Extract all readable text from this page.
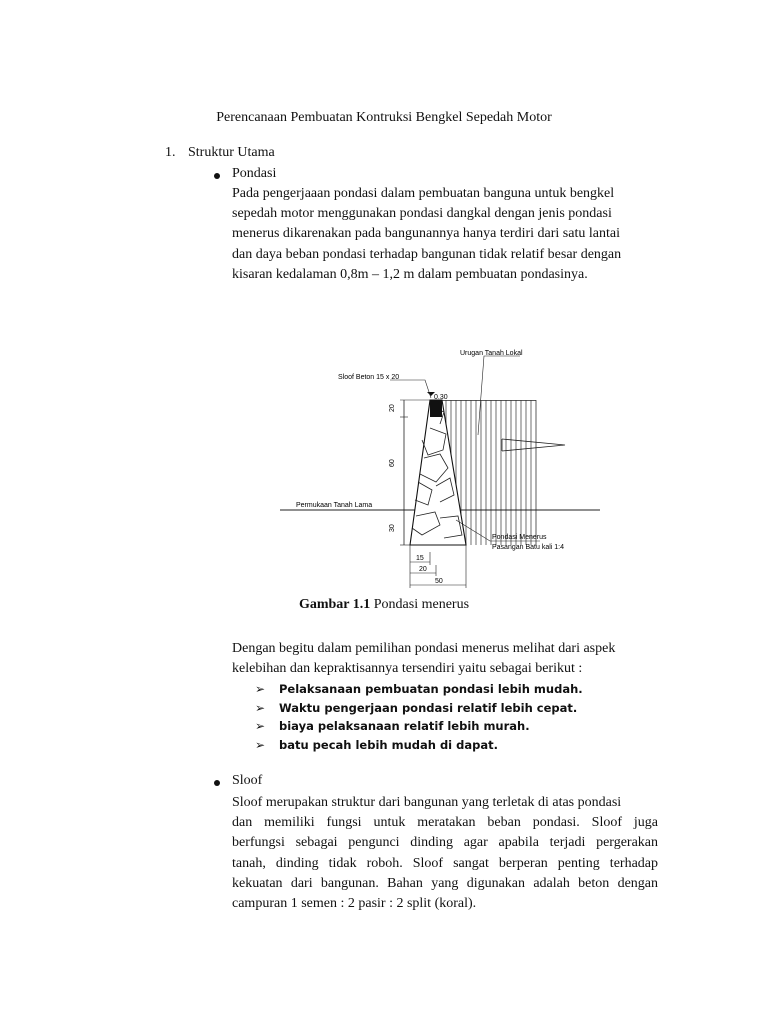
Perencanaan Pembuatan Kontruksi Bengkel Sepedah Motor
1. Struktur Utama
Pondasi
Pada pengerjaaan pondasi dalam pembuatan banguna untuk bengkel
sepedah motor menggunakan pondasi dangkal dengan jenis pondasi
menerus dikarenakan pada bangunannya hanya terdiri dari satu lantai
dan daya beban pondasi terhadap bangunan tidak relatif besar dengan
kisaran kedalaman 0,8m – 1,2 m dalam pembuatan pondasinya.
20
60
30
15
20
50
0.30
Sloof Beton 15 x 20
Urugan Tanah Lokal
Permukaan Tanah Lama
Pondasi Menerus
Pasangan Batu kali 1:4
Gambar 1.1 Pondasi menerus
Dengan begitu dalam pemilihan pondasi menerus melihat dari aspek
kelebihan dan kepraktisannya tersendiri yaitu sebagai berikut :
➢ Pelaksanaan pembuatan pondasi lebih mudah.
➢ Waktu pengerjaan pondasi relatif lebih cepat.
➢ biaya pelaksanaan relatif lebih murah.
➢ batu pecah lebih mudah di dapat.
Sloof
Sloof merupakan struktur dari bangunan yang terletak di atas pondasi
dan memiliki fungsi untuk meratakan beban pondasi. Sloof juga
berfungsi sebagai pengunci dinding agar apabila terjadi pergerakan
tanah, dinding tidak roboh. Sloof sangat berperan penting terhadap
kekuatan dari bangunan. Bahan yang digunakan adalah beton dengan
campuran 1 semen : 2 pasir : 2 split (koral).
